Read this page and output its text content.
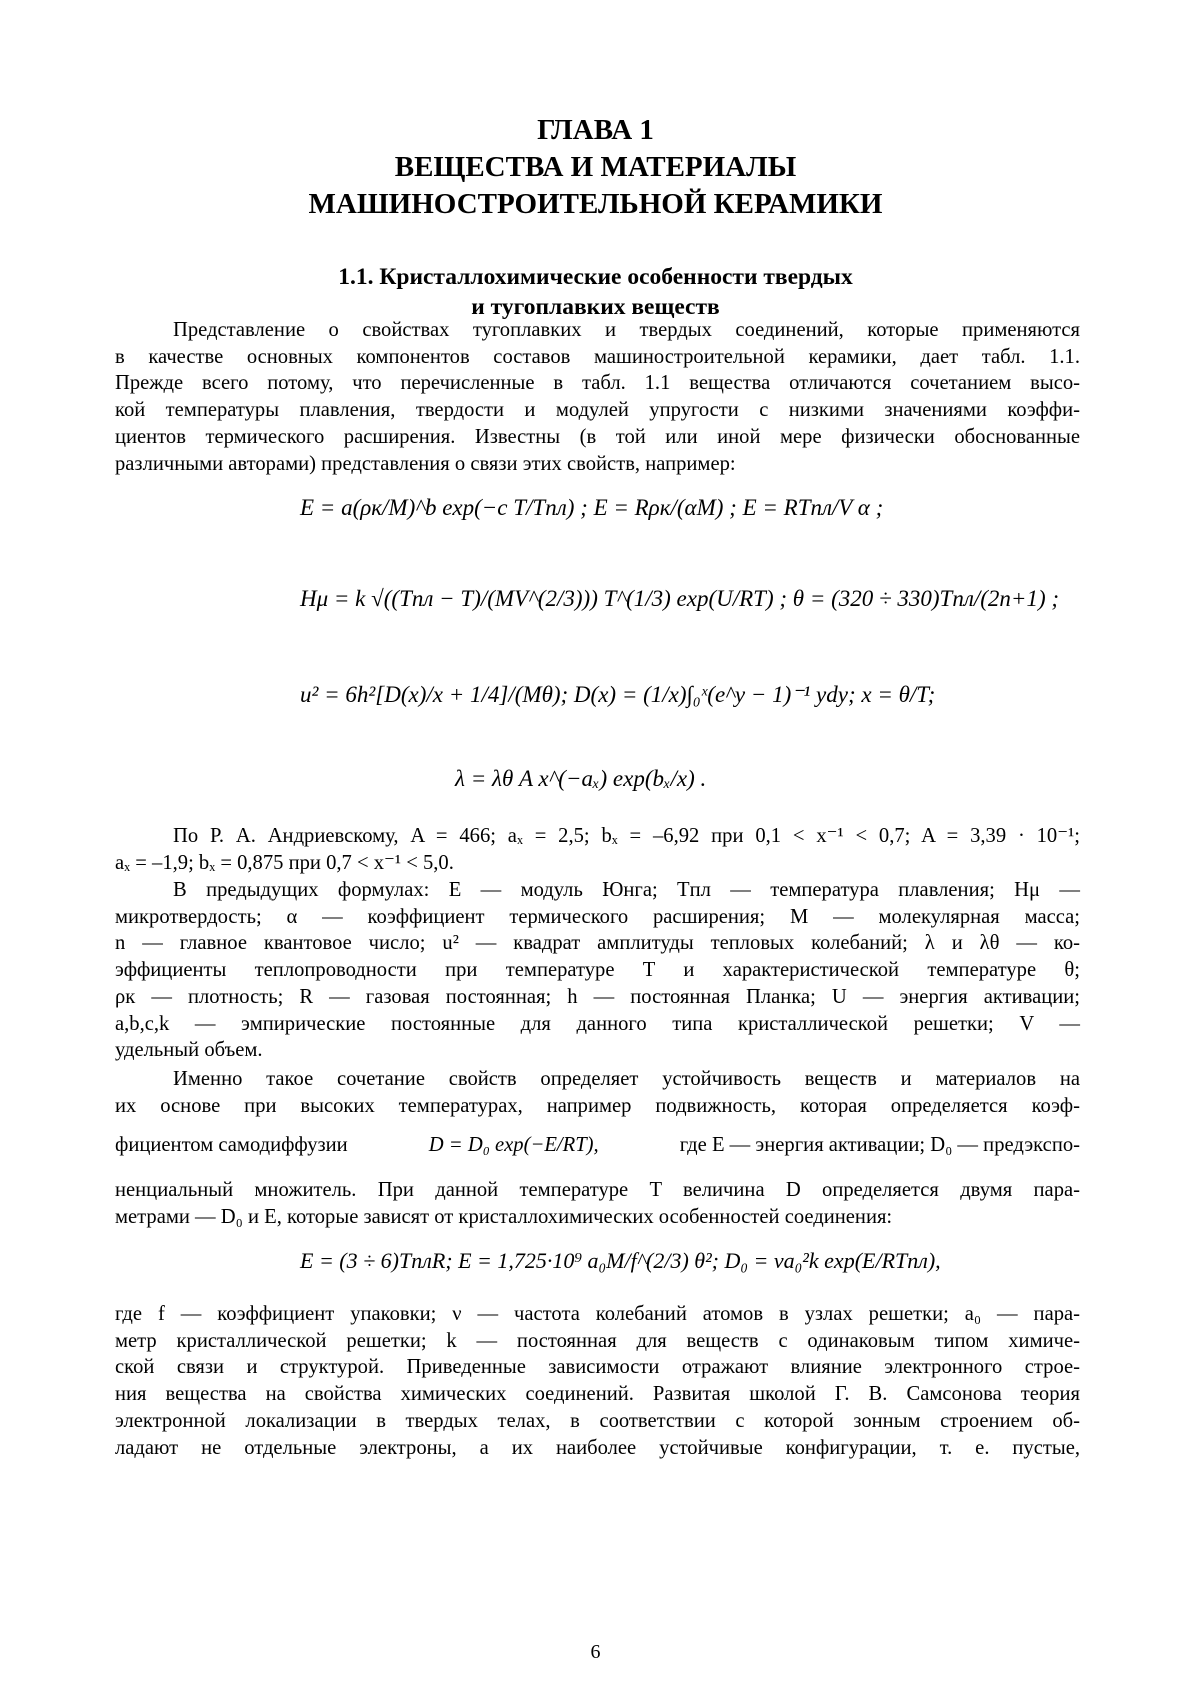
ГЛАВА 1
ВЕЩЕСТВА И МАТЕРИАЛЫ
МАШИНОСТРОИТЕЛЬНОЙ КЕРАМИКИ
1.1. Кристаллохимические особенности твердых
и тугоплавких веществ
Представление о свойствах тугоплавких и твердых соединений, которые применяются
в качестве основных компонентов составов машиностроительной керамики, дает табл. 1.1.
Прежде всего потому, что перечисленные в табл. 1.1 вещества отличаются сочетанием высо-
кой температуры плавления, твердости и модулей упругости с низкими значениями коэффи-
циентов термического расширения. Известны (в той или иной мере физически обоснованные
различными авторами) представления о связи этих свойств, например:
E = a(ρк/M)^b exp(−c T/Tпл) ; E = Rρк/(αM) ; E = RTпл/V α ;
Hμ = k √((Tпл − T)/(MV^(2/3))) T^(1/3) exp(U/RT) ; θ = (320 ÷ 330)Tпл/(2n+1) ;
u² = 6h²[D(x)/x + 1/4]/(Mθ); D(x) = (1/x)∫₀ˣ(e^y − 1)⁻¹ ydy; x = θ/T;
λ = λθ A x^(−aₓ) exp(bₓ/x) .
По Р. А. Андриевскому, A = 466; aₓ = 2,5; bₓ = –6,92 при 0,1 < x⁻¹ < 0,7; A = 3,39 · 10⁻¹;
aₓ = –1,9; bₓ = 0,875 при 0,7 < x⁻¹ < 5,0.
В предыдущих формулах: E — модуль Юнга; Tпл — температура плавления; Hμ —
микротвердость; α — коэффициент термического расширения; M — молекулярная масса;
n — главное квантовое число; u² — квадрат амплитуды тепловых колебаний; λ и λθ — ко-
эффициенты теплопроводности при температуре T и характеристической температуре θ;
ρк — плотность; R — газовая постоянная; h — постоянная Планка; U — энергия активации;
a,b,c,k — эмпирические постоянные для данного типа кристаллической решетки; V —
удельный объем.
Именно такое сочетание свойств определяет устойчивость веществ и материалов на
их основе при высоких температурах, например подвижность, которая определяется коэф-
фициентом самодиффузии	D = D₀ exp(−E/RT),	где E — энергия активации; D₀ — предэкспо-
ненциальный множитель. При данной температуре T величина D определяется двумя пара-
метрами — D₀ и E, которые зависят от кристаллохимических особенностей соединения:
E = (3 ÷ 6)TплR; E = 1,725·10⁹ a₀M/f^(2/3) θ²; D₀ = νa₀²k exp(E/RTпл),
где f — коэффициент упаковки; ν — частота колебаний атомов в узлах решетки; a₀ — пара-
метр кристаллической решетки; k — постоянная для веществ с одинаковым типом химиче-
ской связи и структурой. Приведенные зависимости отражают влияние электронного строе-
ния вещества на свойства химических соединений. Развитая школой Г. В. Самсонова теория
электронной локализации в твердых телах, в соответствии с которой зонным строением об-
ладают не отдельные электроны, а их наиболее устойчивые конфигурации, т. е. пустые,
6
